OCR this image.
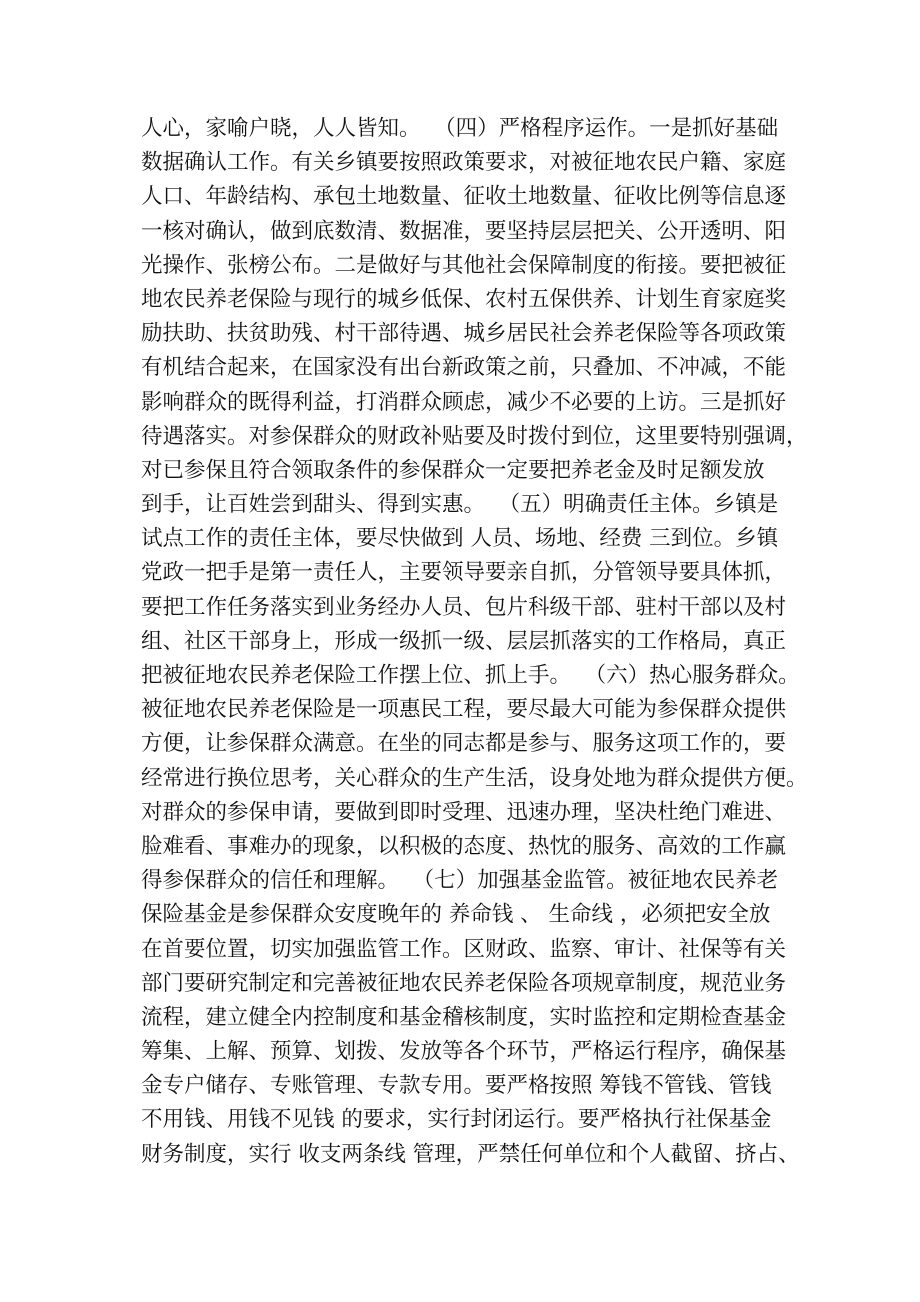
人心，家喻户晓，人人皆知。  （四）严格程序运作。一是抓好基础
数据确认工作。有关乡镇要按照政策要求，对被征地农民户籍、家庭
人口、年龄结构、承包土地数量、征收土地数量、征收比例等信息逐
一核对确认，做到底数清、数据准，要坚持层层把关、公开透明、阳
光操作、张榜公布。二是做好与其他社会保障制度的衔接。要把被征
地农民养老保险与现行的城乡低保、农村五保供养、计划生育家庭奖
励扶助、扶贫助残、村干部待遇、城乡居民社会养老保险等各项政策
有机结合起来，在国家没有出台新政策之前，只叠加、不冲减，不能
影响群众的既得利益，打消群众顾虑，减少不必要的上访。三是抓好
待遇落实。对参保群众的财政补贴要及时拨付到位，这里要特别强调，
对已参保且符合领取条件的参保群众一定要把养老金及时足额发放
到手，让百姓尝到甜头、得到实惠。  （五）明确责任主体。乡镇是
试点工作的责任主体，要尽快做到 人员、场地、经费 三到位。乡镇
党政一把手是第一责任人，主要领导要亲自抓，分管领导要具体抓，
要把工作任务落实到业务经办人员、包片科级干部、驻村干部以及村
组、社区干部身上，形成一级抓一级、层层抓落实的工作格局，真正
把被征地农民养老保险工作摆上位、抓上手。  （六）热心服务群众。
被征地农民养老保险是一项惠民工程，要尽最大可能为参保群众提供
方便，让参保群众满意。在坐的同志都是参与、服务这项工作的，要
经常进行换位思考，关心群众的生产生活，设身处地为群众提供方便。
对群众的参保申请，要做到即时受理、迅速办理，坚决杜绝门难进、
脸难看、事难办的现象，以积极的态度、热忱的服务、高效的工作赢
得参保群众的信任和理解。  （七）加强基金监管。被征地农民养老
保险基金是参保群众安度晚年的 养命钱 、 生命线 ，必须把安全放
在首要位置，切实加强监管工作。区财政、监察、审计、社保等有关
部门要研究制定和完善被征地农民养老保险各项规章制度，规范业务
流程，建立健全内控制度和基金稽核制度，实时监控和定期检查基金
筹集、上解、预算、划拨、发放等各个环节，严格运行程序，确保基
金专户储存、专账管理、专款专用。要严格按照 筹钱不管钱、管钱
不用钱、用钱不见钱 的要求，实行封闭运行。要严格执行社保基金
财务制度，实行 收支两条线 管理，严禁任何单位和个人截留、挤占、
